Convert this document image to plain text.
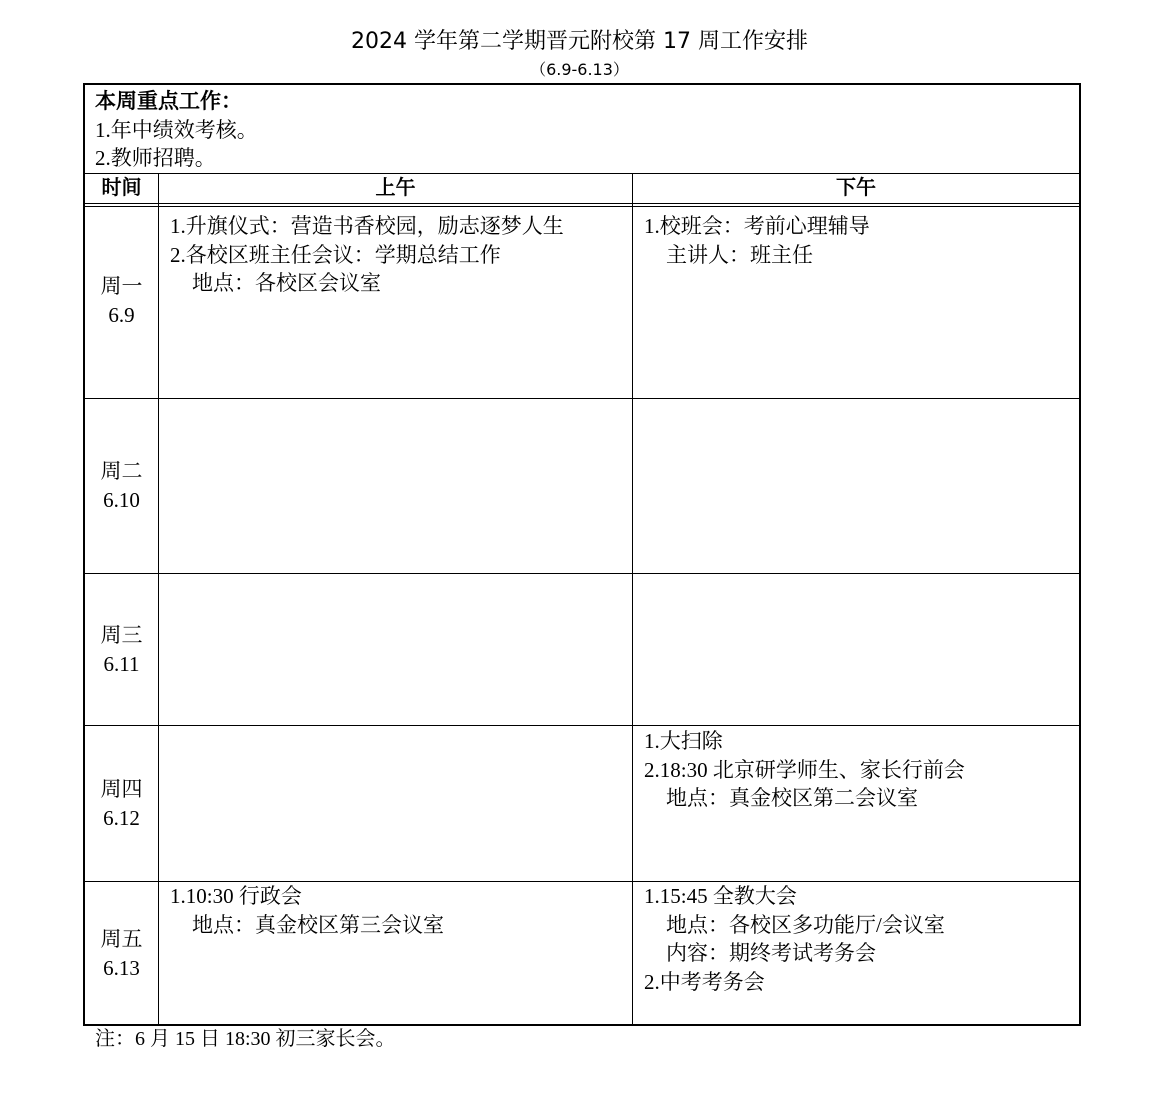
2024 学年第二学期晋元附校第 17 周工作安排
（6.9-6.13）
本周重点工作：
1.年中绩效考核。
2.教师招聘。
时间	上午	下午
周一
6.9
1.升旗仪式：营造书香校园，励志逐梦人生
2.各校区班主任会议：学期总结工作
地点：各校区会议室
1.校班会：考前心理辅导
主讲人：班主任
周二
6.10
周三
6.11
周四
6.12
1.大扫除
2.18:30 北京研学师生、家长行前会
地点：真金校区第二会议室
周五
6.13
1.10:30 行政会
地点：真金校区第三会议室
1.15:45 全教大会
地点：各校区多功能厅/会议室
内容：期终考试考务会
2.中考考务会
注：6 月 15 日 18:30 初三家长会。
